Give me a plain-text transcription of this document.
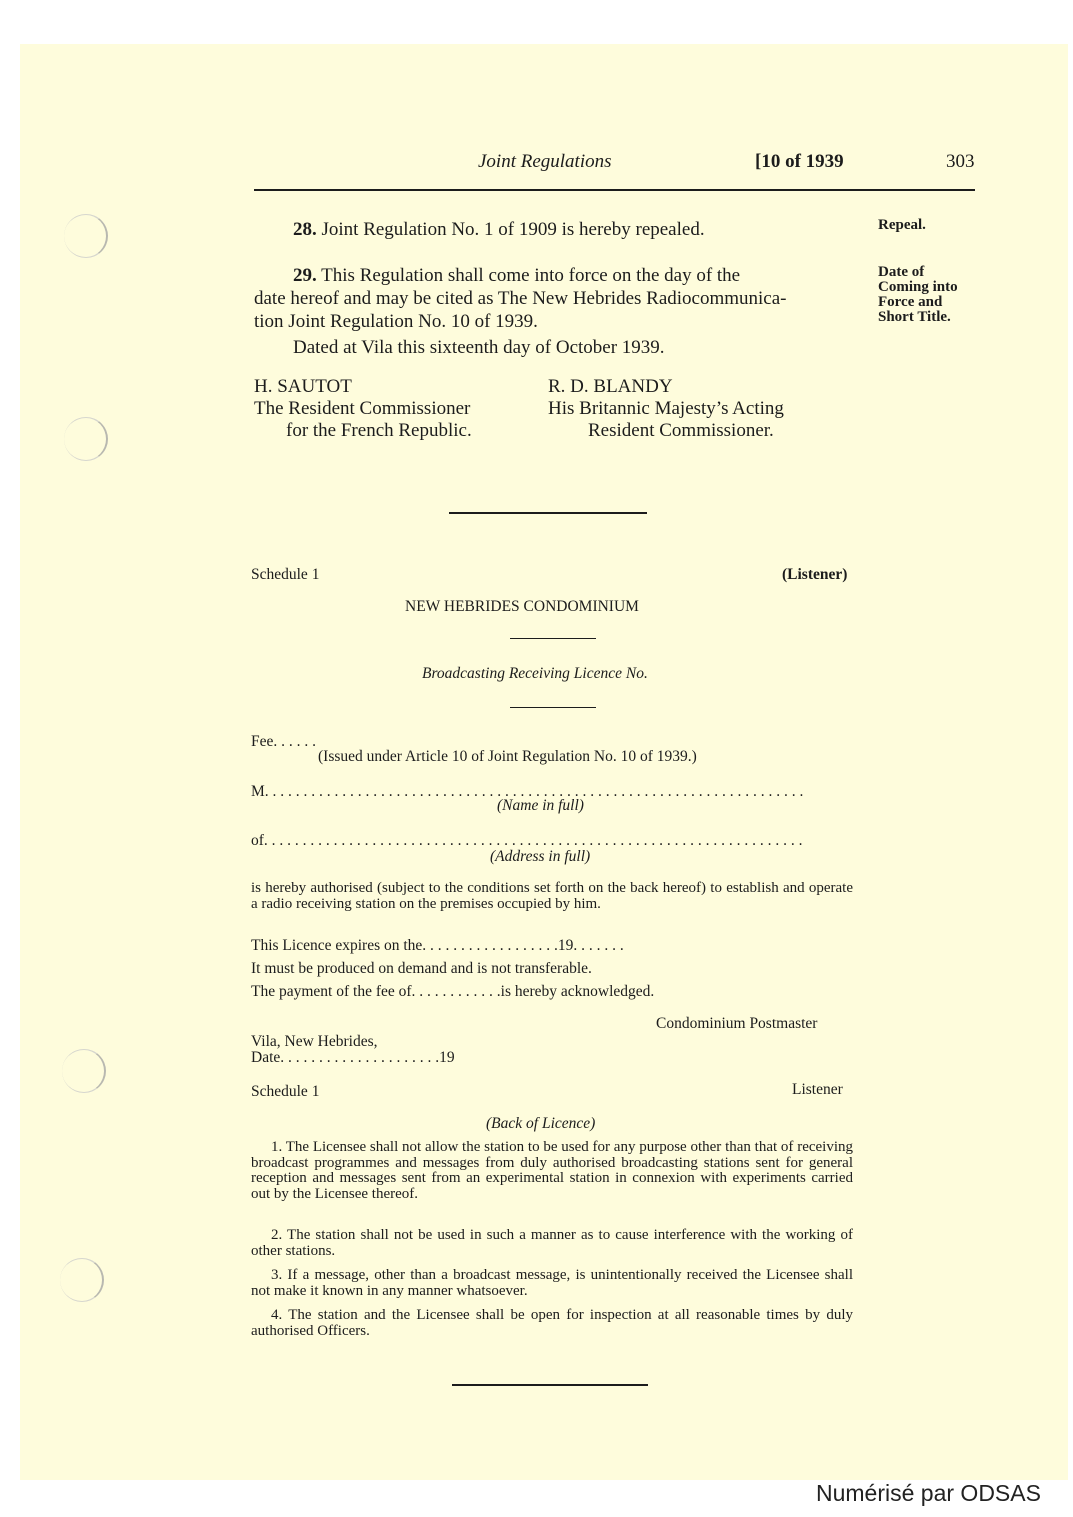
Joint Regulations	[10 of 1939	303
28. Joint Regulation No. 1 of 1909 is hereby repealed.	Repeal.
29. This Regulation shall come into force on the day of the
date hereof and may be cited as The New Hebrides Radiocommunica-
tion Joint Regulation No. 10 of 1939.
Dated at Vila this sixteenth day of October 1939.
Date of
Coming into
Force and
Short Title.
H. SAUTOT
The Resident Commissioner
for the French Republic.
R. D. BLANDY
His Britannic Majesty’s Acting
Resident Commissioner.
Schedule 1	(Listener)
NEW HEBRIDES CONDOMINIUM
Broadcasting Receiving Licence No.
Fee. . . . . .
(Issued under Article 10 of Joint Regulation No. 10 of 1939.)
M. . . . . . . . . . . . . . . . . . . . . . . . . . . . . . . . . . . . . . . . . . . . . . . . . . . . . . . . . . . . . . . . . . . . . .
(Name in full)
of. . . . . . . . . . . . . . . . . . . . . . . . . . . . . . . . . . . . . . . . . . . . . . . . . . . . . . . . . . . . . . . . . . . . . .
(Address in full)
is hereby authorised (subject to the conditions set forth on the back hereof) to establish and operate a radio receiving station on the premises occupied by him.
This Licence expires on the. . . . . . . . . . . . . . . . . .19. . . . . . .
It must be produced on demand and is not transferable.
The payment of the fee of. . . . . . . . . . . .is hereby acknowledged.
Condominium Postmaster
Vila, New Hebrides,
Date. . . . . . . . . . . . . . . . . . . . .19
Schedule 1	Listener
(Back of Licence)
1. The Licensee shall not allow the station to be used for any purpose other than that of receiving broadcast programmes and messages from duly authorised broadcasting stations sent for general reception and messages sent from an experimental station in connexion with experiments carried out by the Licensee thereof.
2. The station shall not be used in such a manner as to cause interference with the working of other stations.
3. If a message, other than a broadcast message, is unintentionally received the Licensee shall not make it known in any manner whatsoever.
4. The station and the Licensee shall be open for inspection at all reasonable times by duly authorised Officers.
Numérisé par ODSAS
